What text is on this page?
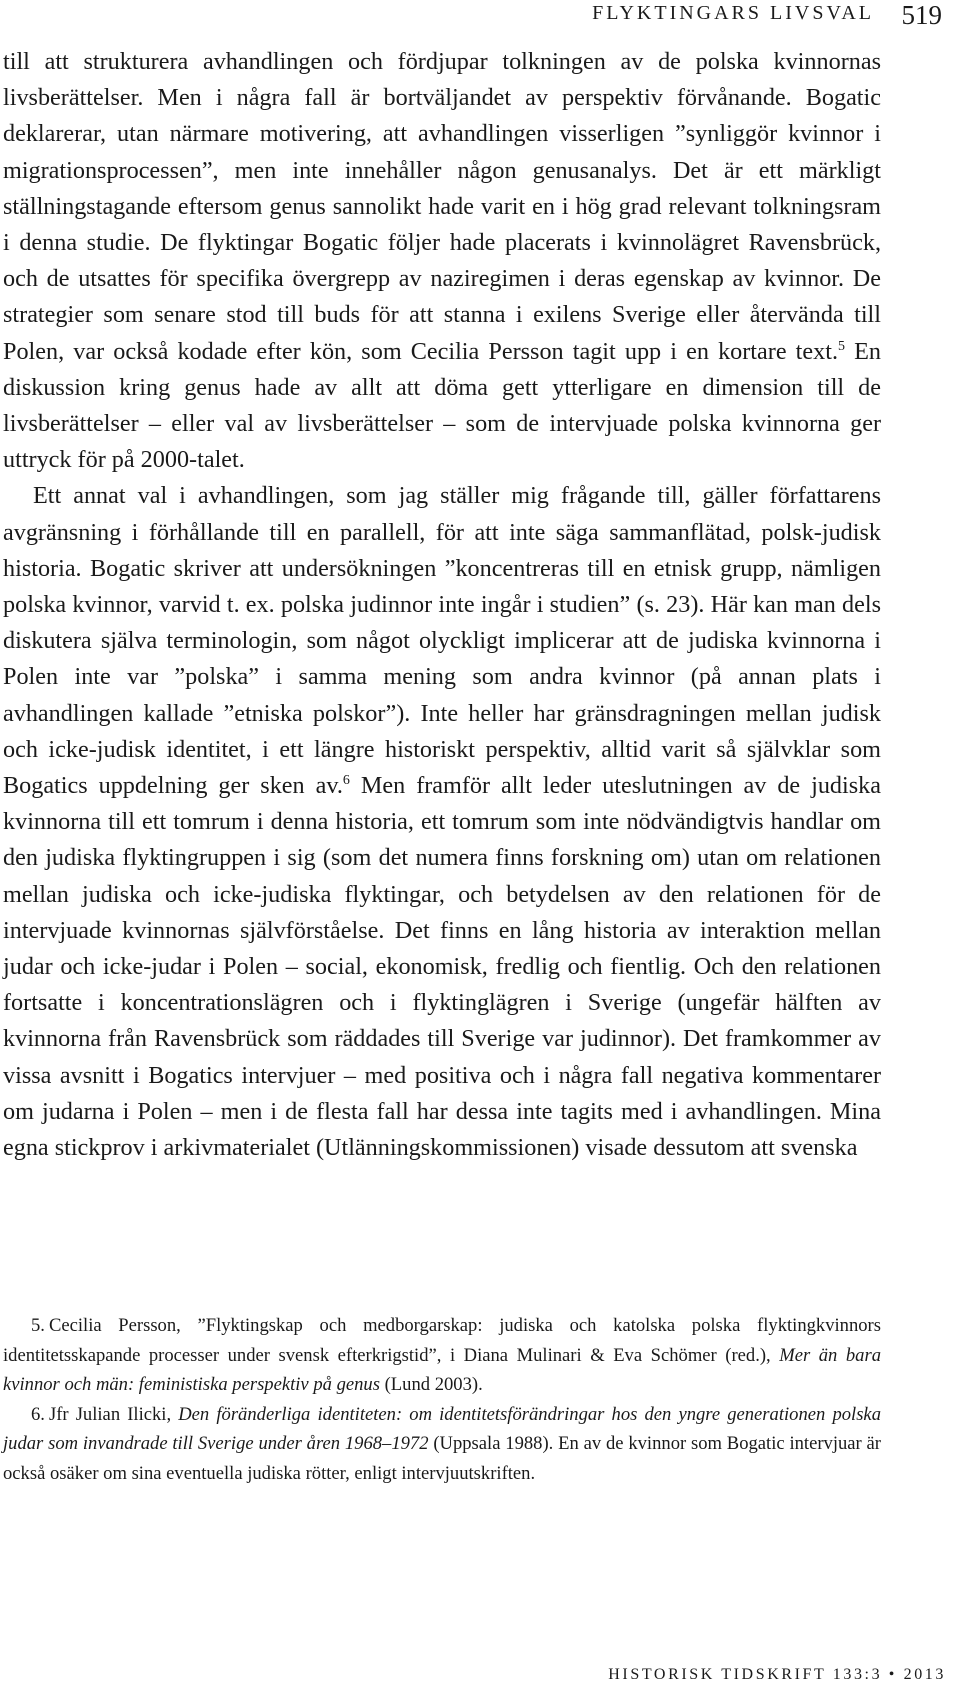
FLYKTINGARS LIVSVAL 519

till att strukturera avhandlingen och fördjupar tolkningen av de polska kvinnornas livsberättelser. Men i några fall är bortväljandet av perspektiv förvånande. Bogatic deklarerar, utan närmare motivering, att avhandlingen visserligen ”synliggör kvinnor i migrationsprocessen”, men inte innehåller någon genusanalys. Det är ett märkligt ställningstagande eftersom genus sannolikt hade varit en i hög grad relevant tolkningsram i denna studie. De flyktingar Bogatic följer hade placerats i kvinnolägret Ravensbrück, och de utsattes för specifika övergrepp av naziregimen i deras egenskap av kvinnor. De strategier som senare stod till buds för att stanna i exilens Sverige eller återvända till Polen, var också kodade efter kön, som Cecilia Persson tagit upp i en kortare text.$^5$ En diskussion kring genus hade av allt att döma gett ytterligare en dimension till de livsberättelser – eller val av livsberättelser – som de intervjuade polska kvinnorna ger uttryck för på 2000-talet.

Ett annat val i avhandlingen, som jag ställer mig frågande till, gäller författarens avgränsning i förhållande till en parallell, för att inte säga sammanflätad, polsk-judisk historia. Bogatic skriver att undersökningen ”koncentreras till en etnisk grupp, nämligen polska kvinnor, varvid t. ex. polska judinnor inte ingår i studien” (s. 23). Här kan man dels diskutera själva terminologin, som något olyckligt implicerar att de judiska kvinnorna i Polen inte var ”polska” i samma mening som andra kvinnor (på annan plats i avhandlingen kallade ”etniska polskor”). Inte heller har gränsdragningen mellan judisk och icke-judisk identitet, i ett längre historiskt perspektiv, alltid varit så självklar som Bogatics uppdelning ger sken av.$^6$ Men framför allt leder uteslutningen av de judiska kvinnorna till ett tomrum i denna historia, ett tomrum som inte nödvändigtvis handlar om den judiska flyktingruppen i sig (som det numera finns forskning om) utan om relationen mellan judiska och icke-judiska flyktingar, och betydelsen av den relationen för de intervjuade kvinnornas självförståelse. Det finns en lång historia av interaktion mellan judar och icke-judar i Polen – social, ekonomisk, fredlig och fientlig. Och den relationen fortsatte i koncentrationslägren och i flyktinglägren i Sverige (ungefär hälften av kvinnorna från Ravensbrück som räddades till Sverige var judinnor). Det framkommer av vissa avsnitt i Bogatics intervjuer – med positiva och i några fall negativa kommentarer om judarna i Polen – men i de flesta fall har dessa inte tagits med i avhandlingen. Mina egna stickprov i arkivmaterialet (Utlänningskommissionen) visade dessutom att svenska

5. Cecilia Persson, ”Flyktingskap och medborgarskap: judiska och katolska polska flyktingkvinnors identitetsskapande processer under svensk efterkrigstid”, i Diana Mulinari & Eva Schömer (red.), Mer än bara kvinnor och män: feministiska perspektiv på genus (Lund 2003).

6. Jfr Julian Ilicki, Den föränderliga identiteten: om identitetsförändringar hos den yngre generationen polska judar som invandrade till Sverige under åren 1968–1972 (Uppsala 1988). En av de kvinnor som Bogatic intervjuar är också osäker om sina eventuella judiska rötter, enligt intervjuutskriften.

HISTORISK TIDSKRIFT 133:3 • 2013
